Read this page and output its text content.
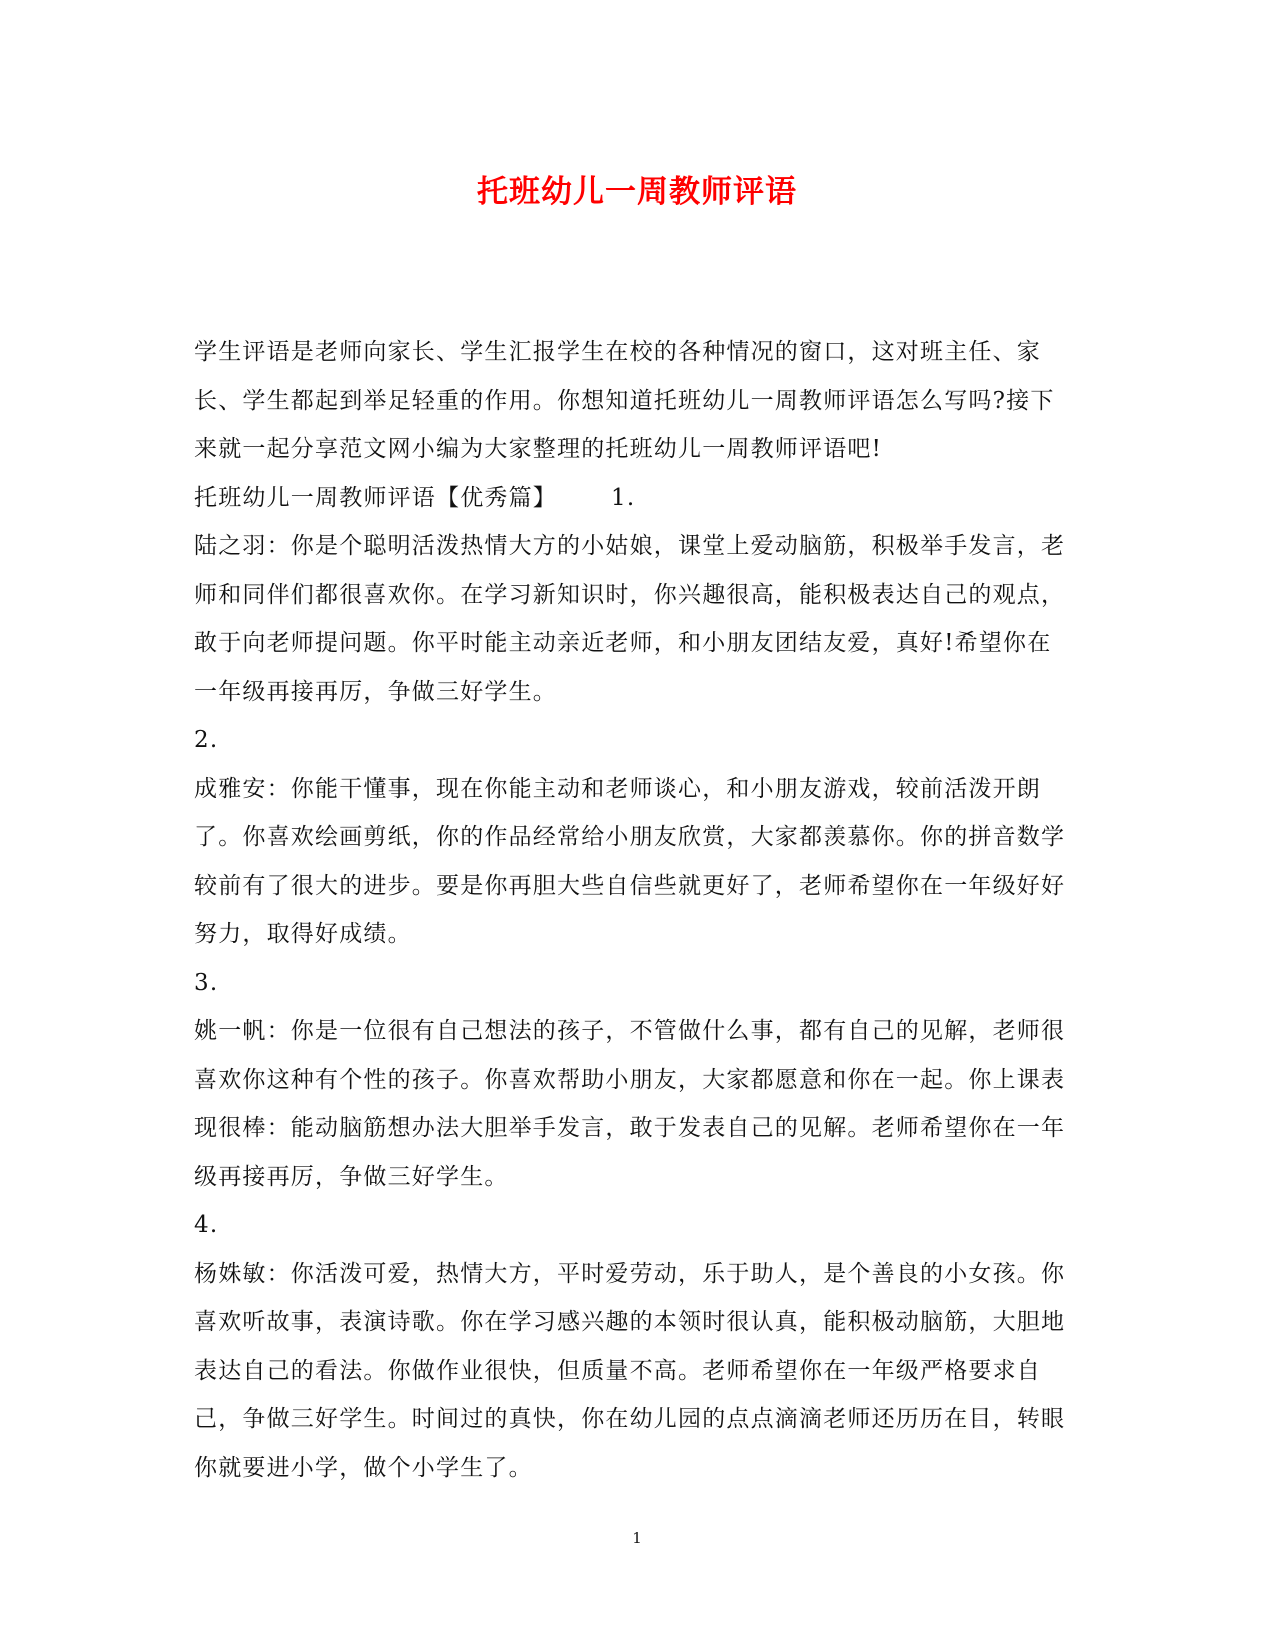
托班幼儿一周教师评语

学生评语是老师向家长、学生汇报学生在校的各种情况的窗口，这对班主任、家长、学生都起到举足轻重的作用。你想知道托班幼儿一周教师评语怎么写吗?接下来就一起分享范文网小编为大家整理的托班幼儿一周教师评语吧!

托班幼儿一周教师评语【优秀篇】 1.

陆之羽：你是个聪明活泼热情大方的小姑娘，课堂上爱动脑筋，积极举手发言，老师和同伴们都很喜欢你。在学习新知识时，你兴趣很高，能积极表达自己的观点，敢于向老师提问题。你平时能主动亲近老师，和小朋友团结友爱，真好!希望你在一年级再接再厉，争做三好学生。

2.

成雅安：你能干懂事，现在你能主动和老师谈心，和小朋友游戏，较前活泼开朗了。你喜欢绘画剪纸，你的作品经常给小朋友欣赏，大家都羡慕你。你的拼音数学较前有了很大的进步。要是你再胆大些自信些就更好了，老师希望你在一年级好好努力，取得好成绩。

3.

姚一帆：你是一位很有自己想法的孩子，不管做什么事，都有自己的见解，老师很喜欢你这种有个性的孩子。你喜欢帮助小朋友，大家都愿意和你在一起。你上课表现很棒：能动脑筋想办法大胆举手发言，敢于发表自己的见解。老师希望你在一年级再接再厉，争做三好学生。

4.

杨姝敏：你活泼可爱，热情大方，平时爱劳动，乐于助人，是个善良的小女孩。你喜欢听故事，表演诗歌。你在学习感兴趣的本领时很认真，能积极动脑筋，大胆地表达自己的看法。你做作业很快，但质量不高。老师希望你在一年级严格要求自己，争做三好学生。时间过的真快，你在幼儿园的点点滴滴老师还历历在目，转眼你就要进小学，做个小学生了。

1
